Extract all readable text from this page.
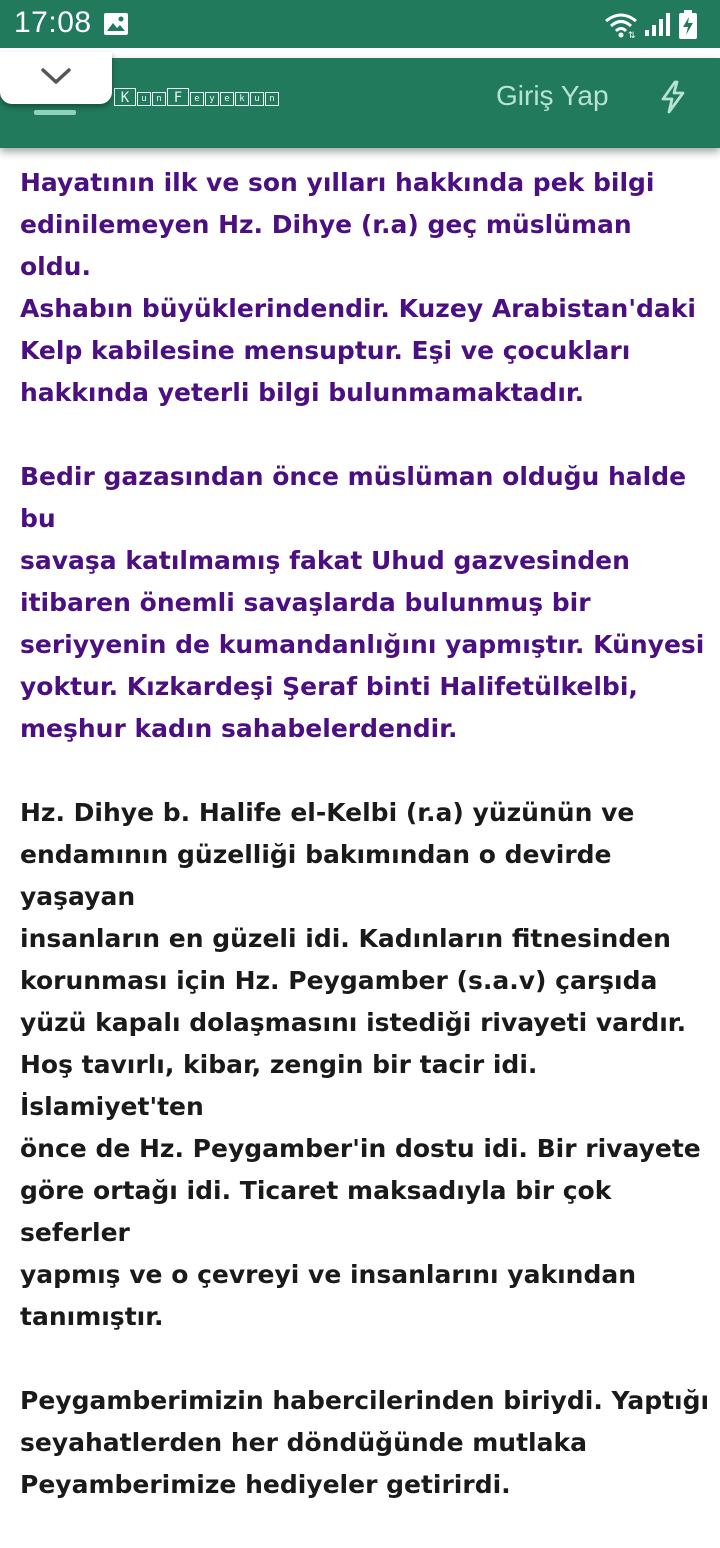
17:08	⇅
K	u	n F	e	y	e	k	u	n	Giriş Yap

Hayatının ilk ve son yılları hakkında pek bilgi
edinilemeyen Hz. Dihye (r.a) geç müslüman oldu.
Ashabın büyüklerindendir. Kuzey Arabistan'daki
Kelp kabilesine mensuptur. Eşi ve çocukları
hakkında yeterli bilgi bulunmamaktadır.

Bedir gazasından önce müslüman olduğu halde bu
savaşa katılmamış fakat Uhud gazvesinden
itibaren önemli savaşlarda bulunmuş bir
seriyyenin de kumandanlığını yapmıştır. Künyesi
yoktur. Kızkardeşi Şeraf binti Halifetülkelbi,
meşhur kadın sahabelerdendir.

Hz. Dihye b. Halife el-Kelbi (r.a) yüzünün ve
endamının güzelliği bakımından o devirde yaşayan
insanların en güzeli idi. Kadınların fitnesinden
korunması için Hz. Peygamber (s.a.v) çarşıda
yüzü kapalı dolaşmasını istediği rivayeti vardır.
Hoş tavırlı, kibar, zengin bir tacir idi. İslamiyet'ten
önce de Hz. Peygamber'in dostu idi. Bir rivayete
göre ortağı idi. Ticaret maksadıyla bir çok seferler
yapmış ve o çevreyi ve insanlarını yakından
tanımıştır.

Peygamberimizin habercilerinden biriydi. Yaptığı
seyahatlerden her döndüğünde mutlaka
Peyamberimize hediyeler getirirdi.
